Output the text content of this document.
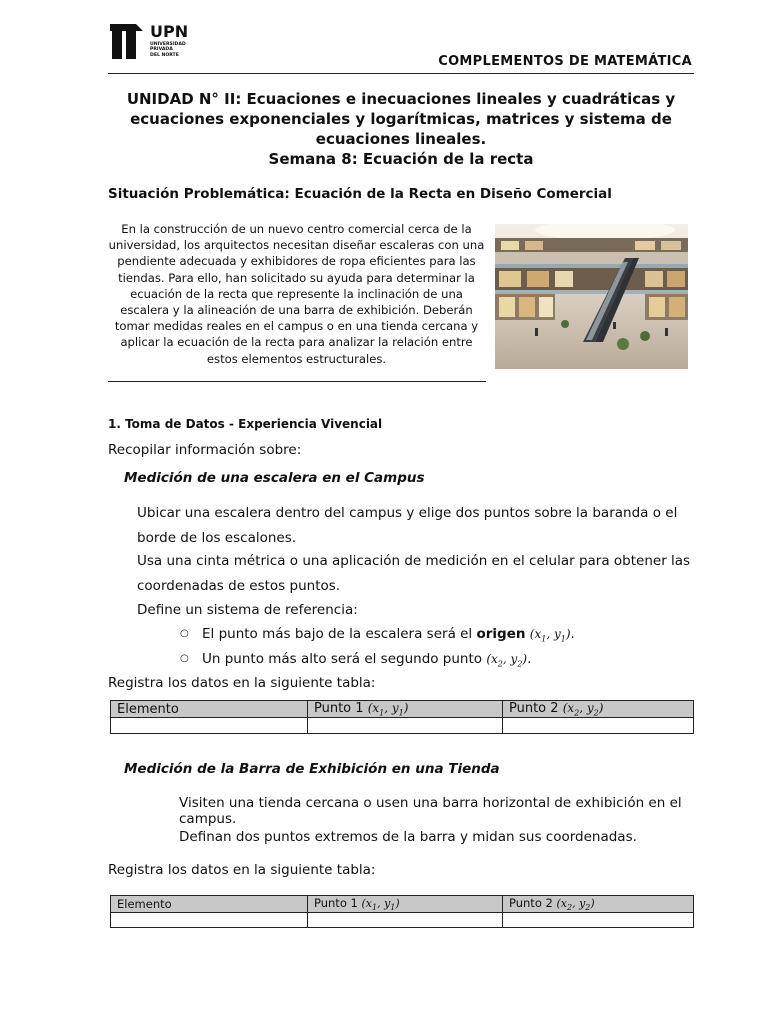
UPN
UNIVERSIDAD
PRIVADA
DEL NORTE	COMPLEMENTOS DE MATEMÁTICA
UNIDAD N° II: Ecuaciones e inecuaciones lineales y cuadráticas y ecuaciones exponenciales y logarítmicas, matrices y sistema de ecuaciones lineales.
Semana 8: Ecuación de la recta
Situación Problemática: Ecuación de la Recta en Diseño Comercial
En la construcción de un nuevo centro comercial cerca de la universidad, los arquitectos necesitan diseñar escaleras con una pendiente adecuada y exhibidores de ropa eficientes para las tiendas. Para ello, han solicitado su ayuda para determinar la ecuación de la recta que represente la inclinación de una escalera y la alineación de una barra de exhibición. Deberán tomar medidas reales en el campus o en una tienda cercana y aplicar la ecuación de la recta para analizar la relación entre estos elementos estructurales.
1. Toma de Datos - Experiencia Vivencial
Recopilar información sobre:
Medición de una escalera en el Campus
Ubicar una escalera dentro del campus y elige dos puntos sobre la baranda o el borde de los escalones.
Usa una cinta métrica o una aplicación de medición en el celular para obtener las coordenadas de estos puntos.
Define un sistema de referencia:
○ El punto más bajo de la escalera será el origen ($x_1$, $y_1$).
○ Un punto más alto será el segundo punto ($x_2$, $y_2$).
Registra los datos en la siguiente tabla:
Elemento	Punto 1 ($x_1$, $y_1$)	Punto 2 ($x_2$, $y_2$)

Medición de la Barra de Exhibición en una Tienda
Visiten una tienda cercana o usen una barra horizontal de exhibición en el campus.
Definan dos puntos extremos de la barra y midan sus coordenadas.
Registra los datos en la siguiente tabla:
Elemento	Punto 1 ($x_1$, $y_1$)	Punto 2 ($x_2$, $y_2$)
